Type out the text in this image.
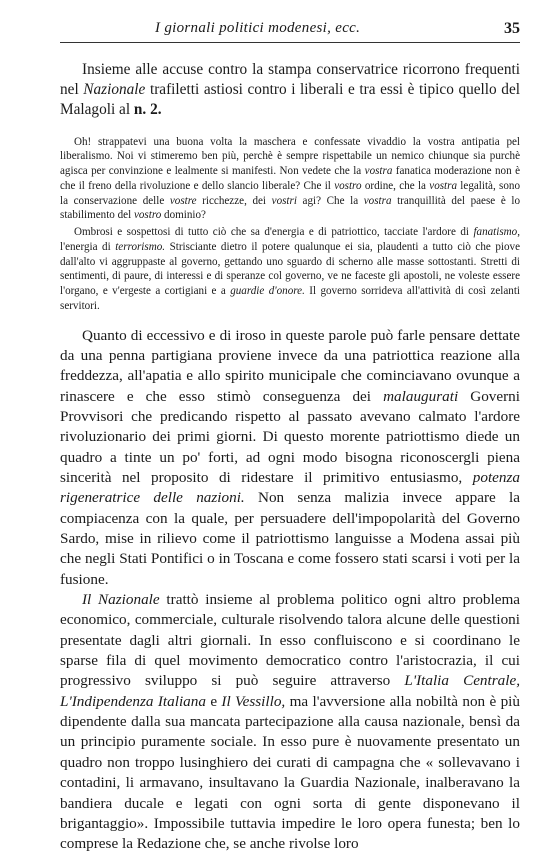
I giornali politici modenesi, ecc.	35

Insieme alle accuse contro la stampa conservatrice ricorrono frequenti nel Nazionale trafiletti astiosi contro i liberali e tra essi è tipico quello del Malagoli al n. 2.

Oh! strappatevi una buona volta la maschera e confessate vivaddio la vostra antipatia pel liberalismo. Noi vi stimeremo ben più, perchè è sempre rispettabile un nemico chiunque sia purchè agisca per convinzione e lealmente si manifesti. Non vedete che la vostra fanatica moderazione non è che il freno della rivoluzione e dello slancio liberale? Che il vostro ordine, che la vostra legalità, sono la conservazione delle vostre ricchezze, dei vostri agi? Che la vostra tranquillità del paese è lo stabilimento del vostro dominio?

Ombrosi e sospettosi di tutto ciò che sa d'energia e di patriottico, tacciate l'ardore di fanatismo, l'energia di terrorismo. Strisciante dietro il potere qualunque ei sia, plaudenti a tutto ciò che piove dall'alto vi aggruppaste al governo, gettando uno sguardo di scherno alle masse sottostanti. Stretti di sentimenti, di paure, di interessi e di speranze col governo, ve ne faceste gli apostoli, ne voleste essere l'organo, e v'ergeste a cortigiani e a guardie d'onore. Il governo sorrideva all'attività di così zelanti servitori.

Quanto di eccessivo e di iroso in queste parole può farle pensare dettate da una penna partigiana proviene invece da una patriottica reazione alla freddezza, all'apatia e allo spirito municipale che cominciavano ovunque a rinascere e che esso stimò conseguenza dei malaugurati Governi Provvisori che predicando rispetto al passato avevano calmato l'ardore rivoluzionario dei primi giorni. Di questo morente patriottismo diede un quadro a tinte un po' forti, ad ogni modo bisogna riconoscergli piena sincerità nel proposito di ridestare il primitivo entusiasmo, potenza rigeneratrice delle nazioni. Non senza malizia invece appare la compiacenza con la quale, per persuadere dell'impopolarità del Governo Sardo, mise in rilievo come il patriottismo languisse a Modena assai più che negli Stati Pontifici o in Toscana e come fossero stati scarsi i voti per la fusione.

Il Nazionale trattò insieme al problema politico ogni altro problema economico, commerciale, culturale risolvendo talora alcune delle questioni presentate dagli altri giornali. In esso confluiscono e si coordinano le sparse fila di quel movimento democratico contro l'aristocrazia, il cui progressivo sviluppo si può seguire attraverso L'Italia Centrale, L'Indipendenza Italiana e Il Vessillo, ma l'avversione alla nobiltà non è più dipendente dalla sua mancata partecipazione alla causa nazionale, bensì da un principio puramente sociale. In esso pure è nuovamente presentato un quadro non troppo lusinghiero dei curati di campagna che « sollevavano i contadini, li armavano, insultavano la Guardia Nazionale, inalberavano la bandiera ducale e legati con ogni sorta di gente disponevano il brigantaggio». Impossibile tuttavia impedire le loro opera funesta; ben lo comprese la Redazione che, se anche rivolse loro
